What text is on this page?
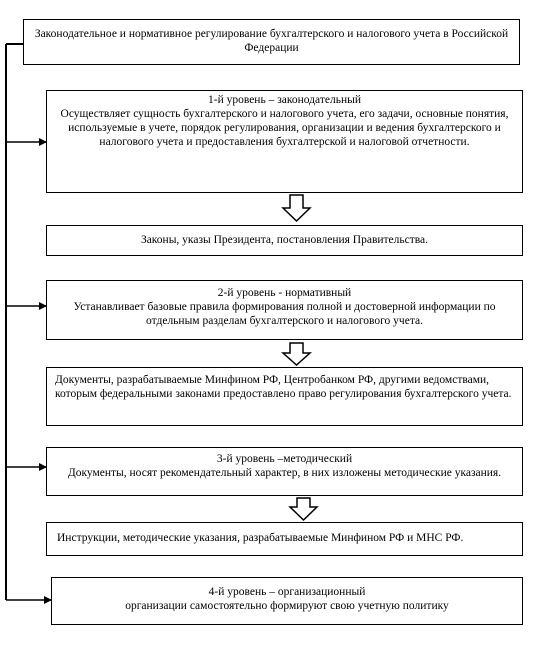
Законодательное и нормативное регулирование бухгалтерского и налогового учета в Российской Федерации
1-й уровень – законодательный
Осуществляет сущность бухгалтерского и налогового учета, его задачи, основные понятия, используемые в учете, порядок регулирования, организации и ведения бухгалтерского и налогового учета и предоставления бухгалтерской и налоговой отчетности.
Законы, указы Президента, постановления Правительства.
2-й уровень - нормативный
Устанавливает базовые правила формирования полной и достоверной информации по отдельным разделам бухгалтерского и налогового учета.
Документы, разрабатываемые Минфином РФ, Центробанком РФ, другими ведомствами, которым федеральными законами предоставлено право регулирования бухгалтерского учета.
3-й уровень –методический
Документы, носят рекомендательный характер, в них изложены методические указания.
Инструкции, методические указания, разрабатываемые Минфином РФ и МНС РФ.
4-й уровень – организационный
организации самостоятельно формируют свою учетную политику
